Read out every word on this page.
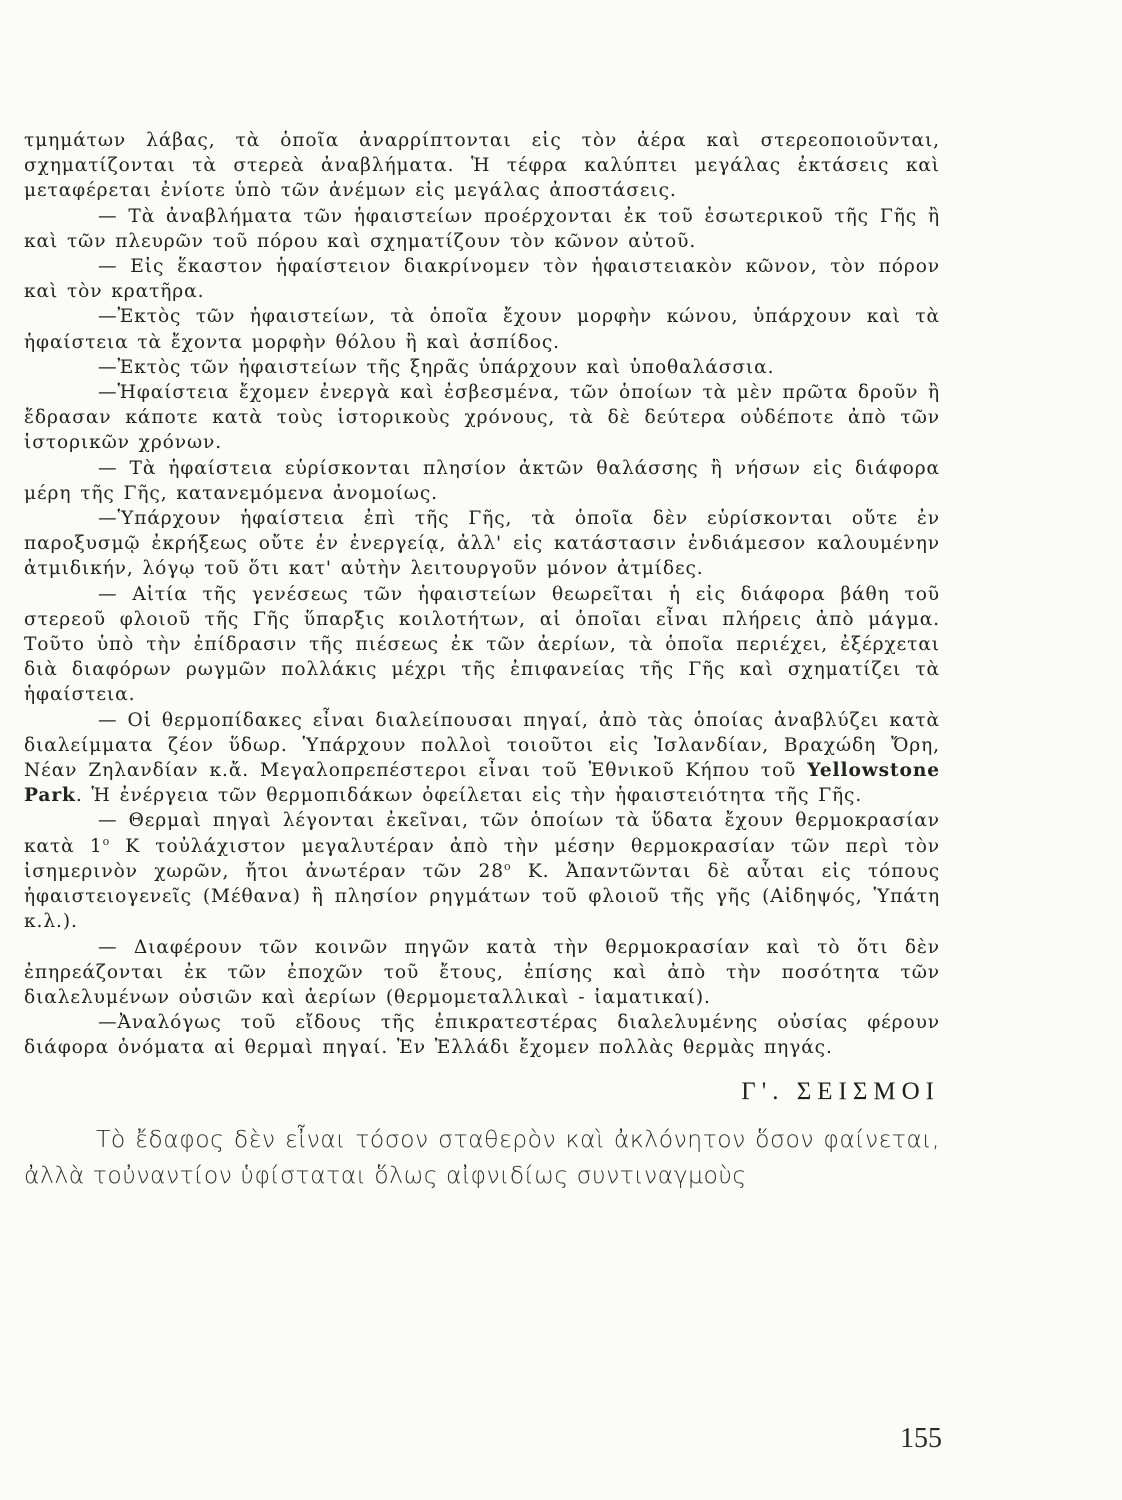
τμημάτων λάβας, τὰ ὁποῖα ἀναρρίπτονται εἰς τὸν ἀέρα καὶ στερεοποιοῦνται, σχηματίζονται τὰ στερεὰ ἀναβλήματα. Ἡ τέφρα καλύπτει μεγάλας ἐκτάσεις καὶ μεταφέρεται ἐνίοτε ὑπὸ τῶν ἀνέμων εἰς μεγάλας ἀποστάσεις.

— Τὰ ἀναβλήματα τῶν ἡφαιστείων προέρχονται ἐκ τοῦ ἐσωτερικοῦ τῆς Γῆς ἢ καὶ τῶν πλευρῶν τοῦ πόρου καὶ σχηματίζουν τὸν κῶνον αὐτοῦ.

— Εἰς ἕκαστον ἡφαίστειον διακρίνομεν τὸν ἡφαιστειακὸν κῶνον, τὸν πόρον καὶ τὸν κρατῆρα.

—Ἐκτὸς τῶν ἡφαιστείων, τὰ ὁποῖα ἔχουν μορφὴν κώνου, ὑπάρχουν καὶ τὰ ἡφαίστεια τὰ ἔχοντα μορφὴν θόλου ἢ καὶ ἀσπίδος.

—Ἐκτὸς τῶν ἡφαιστείων τῆς ξηρᾶς ὑπάρχουν καὶ ὑποθαλάσσια.

—Ἡφαίστεια ἔχομεν ἐνεργὰ καὶ ἐσβεσμένα, τῶν ὁποίων τὰ μὲν πρῶτα δροῦν ἢ ἔδρασαν κάποτε κατὰ τοὺς ἱστορικοὺς χρόνους, τὰ δὲ δεύτερα οὐδέποτε ἀπὸ τῶν ἱστορικῶν χρόνων.

— Τὰ ἡφαίστεια εὑρίσκονται πλησίον ἀκτῶν θαλάσσης ἢ νήσων εἰς διάφορα μέρη τῆς Γῆς, κατανεμόμενα ἀνομοίως.

—Ὑπάρχουν ἡφαίστεια ἐπὶ τῆς Γῆς, τὰ ὁποῖα δὲν εὑρίσκονται οὔτε ἐν παροξυσμῷ ἐκρήξεως οὔτε ἐν ἐνεργείᾳ, ἀλλ' εἰς κατάστασιν ἐνδιάμεσον καλουμένην ἀτμιδικήν, λόγῳ τοῦ ὅτι κατ' αὐτὴν λειτουργοῦν μόνον ἀτμίδες.

— Αἰτία τῆς γενέσεως τῶν ἡφαιστείων θεωρεῖται ἡ εἰς διάφορα βάθη τοῦ στερεοῦ φλοιοῦ τῆς Γῆς ὕπαρξις κοιλοτήτων, αἱ ὁποῖαι εἶναι πλήρεις ἀπὸ μάγμα. Τοῦτο ὑπὸ τὴν ἐπίδρασιν τῆς πιέσεως ἐκ τῶν ἀερίων, τὰ ὁποῖα περιέχει, ἐξέρχεται διὰ διαφόρων ρωγμῶν πολλάκις μέχρι τῆς ἐπιφανείας τῆς Γῆς καὶ σχηματίζει τὰ ἡφαίστεια.

— Οἱ θερμοπίδακες εἶναι διαλείπουσαι πηγαί, ἀπὸ τὰς ὁποίας ἀναβλύζει κατὰ διαλείμματα ζέον ὕδωρ. Ὑπάρχουν πολλοὶ τοιοῦτοι εἰς Ἰσλανδίαν, Βραχώδη Ὄρη, Νέαν Ζηλανδίαν κ.ἄ. Μεγαλοπρεπέστεροι εἶναι τοῦ Ἐθνικοῦ Κήπου τοῦ Yellowstone Park. Ἡ ἐνέργεια τῶν θερμοπιδάκων ὀφείλεται εἰς τὴν ἡφαιστειότητα τῆς Γῆς.

— Θερμαὶ πηγαὶ λέγονται ἐκεῖναι, τῶν ὁποίων τὰ ὕδατα ἔχουν θερμοκρασίαν κατὰ $1^o$ Κ τοὐλάχιστον μεγαλυτέραν ἀπὸ τὴν μέσην θερμοκρασίαν τῶν περὶ τὸν ἰσημερινὸν χωρῶν, ἤτοι ἀνωτέραν τῶν $28^o$ Κ. Ἀπαντῶνται δὲ αὗται εἰς τόπους ἡφαιστειογενεῖς (Μέθανα) ἢ πλησίον ρηγμάτων τοῦ φλοιοῦ τῆς γῆς (Αἰδηψός, Ὑπάτη κ.λ.).

— Διαφέρουν τῶν κοινῶν πηγῶν κατὰ τὴν θερμοκρασίαν καὶ τὸ ὅτι δὲν ἐπηρεάζονται ἐκ τῶν ἐποχῶν τοῦ ἔτους, ἐπίσης καὶ ἀπὸ τὴν ποσότητα τῶν διαλελυμένων οὐσιῶν καὶ ἀερίων (θερμομεταλλικαὶ - ἰαματικαί).

—Ἀναλόγως τοῦ εἴδους τῆς ἐπικρατεστέρας διαλελυμένης οὐσίας φέρουν διάφορα ὀνόματα αἱ θερμαὶ πηγαί. Ἐν Ἑλλάδι ἔχομεν πολλὰς θερμὰς πηγάς.

Γ'. ΣΕΙΣΜΟΙ

Τὸ ἔδαφος δὲν εἶναι τόσον σταθερὸν καὶ ἀκλόνητον ὅσον φαίνεται, ἀλλὰ τοὐναντίον ὑφίσταται ὅλως αἰφνιδίως συντιναγμοὺς

155
